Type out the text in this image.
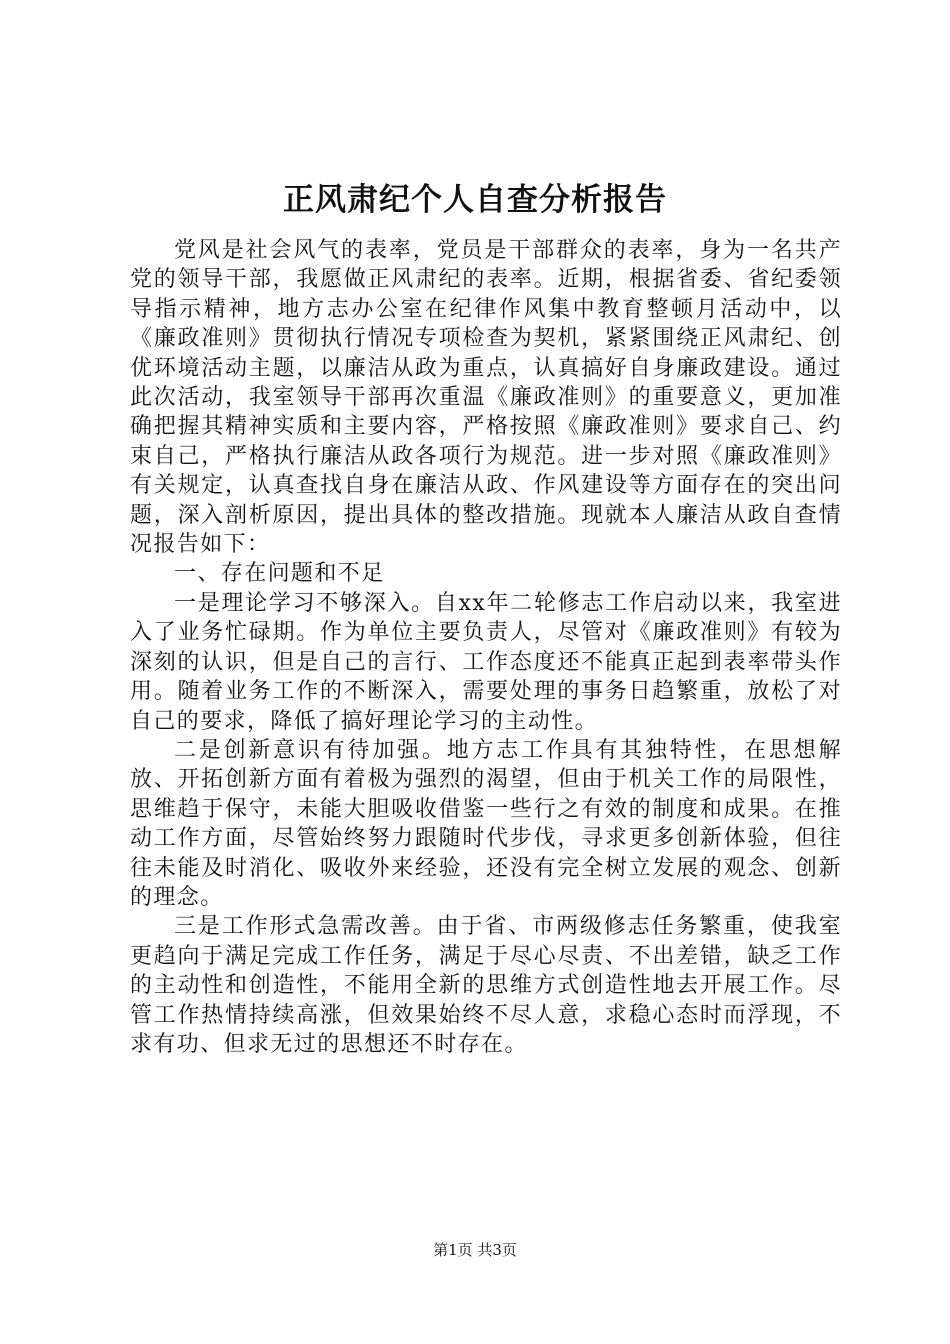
正风肃纪个人自查分析报告

党风是社会风气的表率，党员是干部群众的表率，身为一名共产党的领导干部，我愿做正风肃纪的表率。近期，根据省委、省纪委领导指示精神，地方志办公室在纪律作风集中教育整顿月活动中，以《廉政准则》贯彻执行情况专项检查为契机，紧紧围绕正风肃纪、创优环境活动主题，以廉洁从政为重点，认真搞好自身廉政建设。通过此次活动，我室领导干部再次重温《廉政准则》的重要意义，更加准确把握其精神实质和主要内容，严格按照《廉政准则》要求自己、约束自己，严格执行廉洁从政各项行为规范。进一步对照《廉政准则》有关规定，认真查找自身在廉洁从政、作风建设等方面存在的突出问题，深入剖析原因，提出具体的整改措施。现就本人廉洁从政自查情况报告如下：

一、存在问题和不足

一是理论学习不够深入。自xx年二轮修志工作启动以来，我室进入了业务忙碌期。作为单位主要负责人，尽管对《廉政准则》有较为深刻的认识，但是自己的言行、工作态度还不能真正起到表率带头作用。随着业务工作的不断深入，需要处理的事务日趋繁重，放松了对自己的要求，降低了搞好理论学习的主动性。

二是创新意识有待加强。地方志工作具有其独特性，在思想解放、开拓创新方面有着极为强烈的渴望，但由于机关工作的局限性，思维趋于保守，未能大胆吸收借鉴一些行之有效的制度和成果。在推动工作方面，尽管始终努力跟随时代步伐，寻求更多创新体验，但往往未能及时消化、吸收外来经验，还没有完全树立发展的观念、创新的理念。

三是工作形式急需改善。由于省、市两级修志任务繁重，使我室更趋向于满足完成工作任务，满足于尽心尽责、不出差错，缺乏工作的主动性和创造性，不能用全新的思维方式创造性地去开展工作。尽管工作热情持续高涨，但效果始终不尽人意，求稳心态时而浮现，不求有功、但求无过的思想还不时存在。

第1页 共3页
